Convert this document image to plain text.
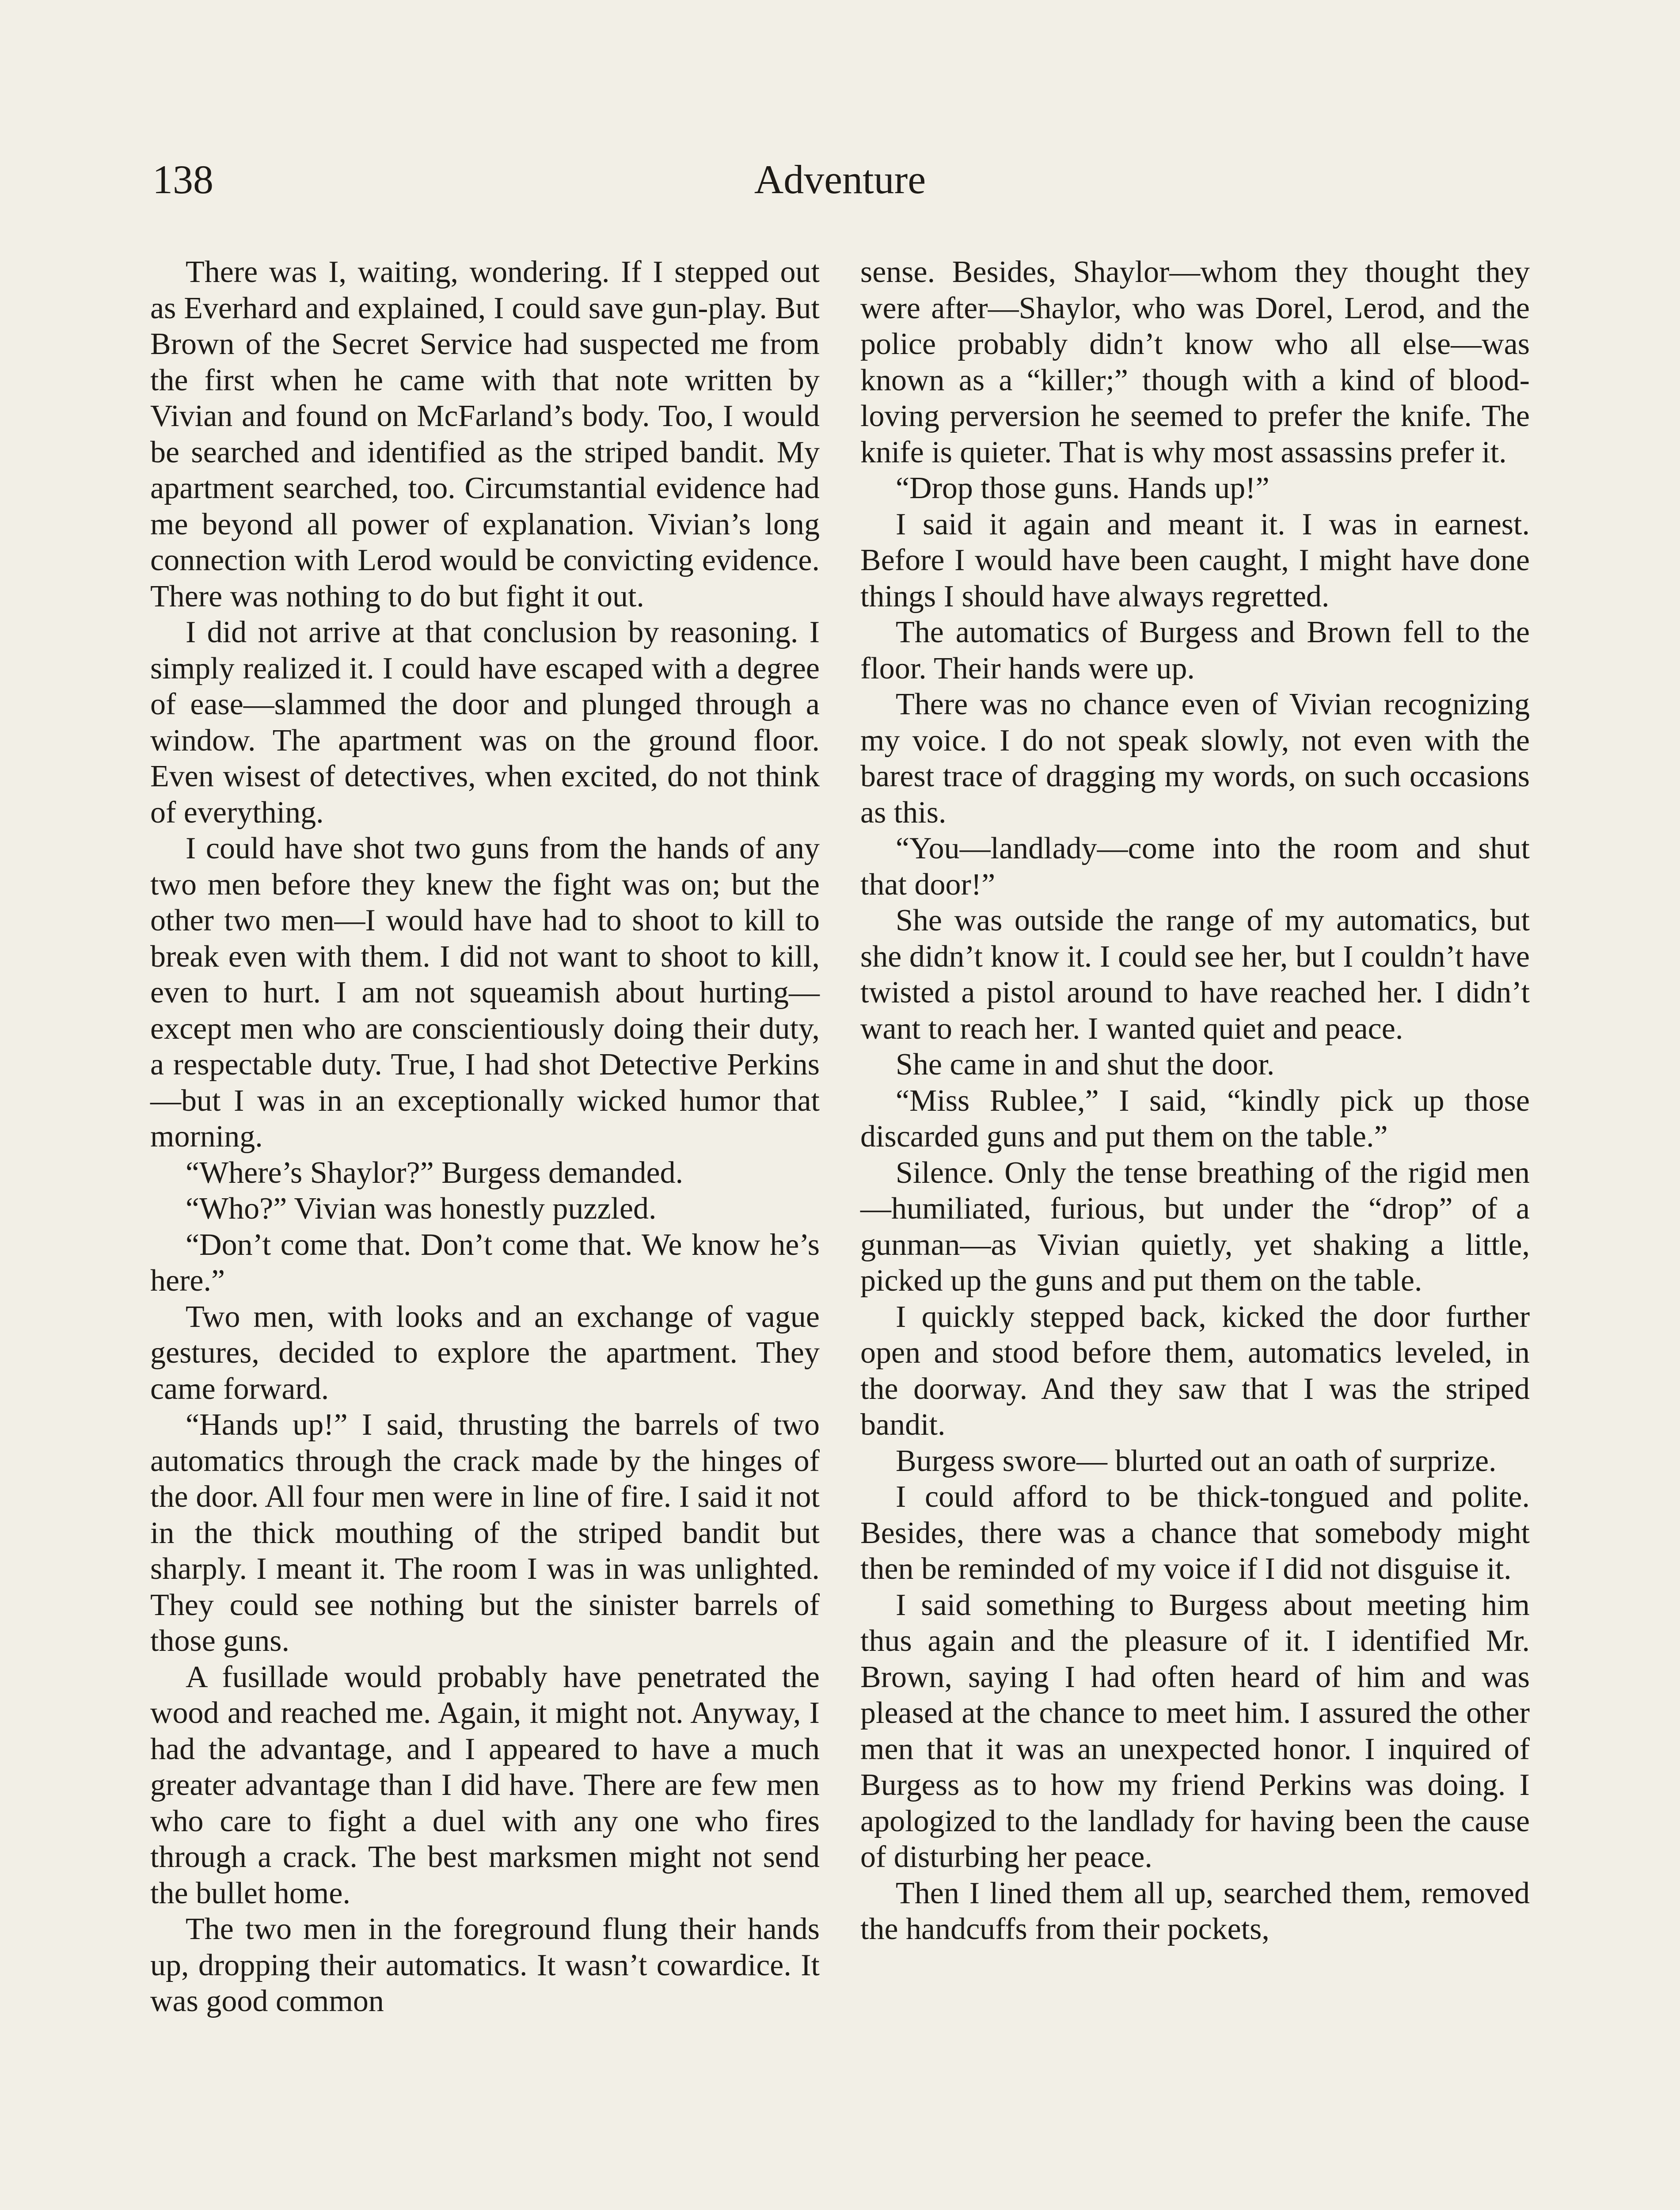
138	Adventure

There was I, waiting, wondering. If I stepped out as Everhard and explained, I could save gun-play. But Brown of the Secret Service had suspected me from the first when he came with that note written by Vivian and found on McFarland’s body. Too, I would be searched and identified as the striped bandit. My apartment searched, too. Circumstantial evidence had me beyond all power of explanation. Vivian’s long connection with Lerod would be convicting evidence. There was nothing to do but fight it out.

I did not arrive at that conclusion by reasoning. I simply realized it. I could have escaped with a degree of ease—slammed the door and plunged through a window. The apartment was on the ground floor. Even wisest of detectives, when excited, do not think of everything.

I could have shot two guns from the hands of any two men before they knew the fight was on; but the other two men—I would have had to shoot to kill to break even with them. I did not want to shoot to kill, even to hurt. I am not squeamish about hurting—except men who are conscientiously doing their duty, a respectable duty. True, I had shot Detective Perkins —but I was in an exceptionally wicked humor that morning.

“Where’s Shaylor?” Burgess demanded.

“Who?” Vivian was honestly puzzled.

“Don’t come that. Don’t come that. We know he’s here.”

Two men, with looks and an exchange of vague gestures, decided to explore the apartment. They came forward.

“Hands up!” I said, thrusting the barrels of two automatics through the crack made by the hinges of the door. All four men were in line of fire. I said it not in the thick mouthing of the striped bandit but sharply. I meant it. The room I was in was unlighted. They could see nothing but the sinister barrels of those guns.

A fusillade would probably have penetrated the wood and reached me. Again, it might not. Anyway, I had the advantage, and I appeared to have a much greater advantage than I did have. There are few men who care to fight a duel with any one who fires through a crack. The best marksmen might not send the bullet home.

The two men in the foreground flung their hands up, dropping their automatics. It wasn’t cowardice. It was good common

sense. Besides, Shaylor—whom they thought they were after—Shaylor, who was Dorel, Lerod, and the police probably didn’t know who all else—was known as a “killer;” though with a kind of blood-loving perversion he seemed to prefer the knife. The knife is quieter. That is why most assassins prefer it.

“Drop those guns. Hands up!”

I said it again and meant it. I was in earnest. Before I would have been caught, I might have done things I should have always regretted.

The automatics of Burgess and Brown fell to the floor. Their hands were up.

There was no chance even of Vivian recognizing my voice. I do not speak slowly, not even with the barest trace of dragging my words, on such occasions as this.

“You—landlady—come into the room and shut that door!”

She was outside the range of my automatics, but she didn’t know it. I could see her, but I couldn’t have twisted a pistol around to have reached her. I didn’t want to reach her. I wanted quiet and peace.

She came in and shut the door.

“Miss Rublee,” I said, “kindly pick up those discarded guns and put them on the table.”

Silence. Only the tense breathing of the rigid men—humiliated, furious, but under the “drop” of a gunman—as Vivian quietly, yet shaking a little, picked up the guns and put them on the table.

I quickly stepped back, kicked the door further open and stood before them, automatics leveled, in the doorway. And they saw that I was the striped bandit.

Burgess swore— blurted out an oath of surprize.

I could afford to be thick-tongued and polite. Besides, there was a chance that somebody might then be reminded of my voice if I did not disguise it.

I said something to Burgess about meeting him thus again and the pleasure of it. I identified Mr. Brown, saying I had often heard of him and was pleased at the chance to meet him. I assured the other men that it was an unexpected honor. I inquired of Burgess as to how my friend Perkins was doing. I apologized to the landlady for having been the cause of disturbing her peace.

Then I lined them all up, searched them, removed the handcuffs from their pockets,
